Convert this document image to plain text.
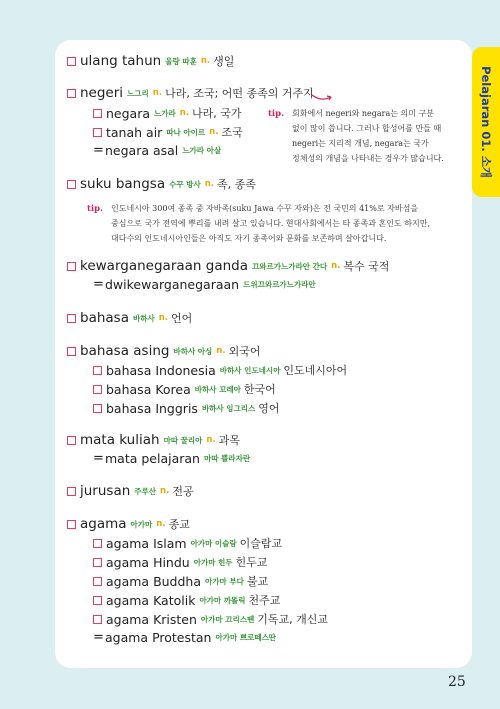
Pelajaran 01. 소개
ulang tahun 울랑 따훈 n. 생일
negeri 느그리 n. 나라, 조국; 어떤 종족의 거주지
negara 느가라 n. 나라, 국가
tanah air 따나 아이르 n. 조국
= negara asal 느가라 아살
tip. 회화에서 negeri와 negara는 의미 구분
없이 많이 씁니다. 그러나 합성어를 만들 때
negeri는 지리적 개념, negara는 국가
정체성의 개념을 나타내는 경우가 많습니다.
suku bangsa 수꾸 방사 n. 족, 종족
tip. 인도네시아 300여 종족 중 자바족(suku Jawa 수꾸 자와)은 전 국민의 41%로 자바섬을
중심으로 국가 전역에 뿌리를 내려 살고 있습니다. 현대사회에서는 타 종족과 혼인도 하지만,
대다수의 인도네시아인들은 아직도 자기 종족어와 문화를 보존하며 살아갑니다.
kewarganegaraan ganda 끄와르가느가라안 간다 n. 복수 국적
= dwikewarganegaraan 드위끄와르가느가라안
bahasa 바하사 n. 언어
bahasa asing 바하사 아싱 n. 외국어
bahasa Indonesia 바하사 인도네시아 인도네시아어
bahasa Korea 바하사 꼬레아 한국어
bahasa Inggris 바하사 잉그리스 영어
mata kuliah 마따 꿀리아 n. 과목
= mata pelajaran 마따 쁠라자란
jurusan 주루산 n. 전공
agama 아가마 n. 종교
agama Islam 아가마 이슬람 이슬람교
agama Hindu 아가마 힌두 힌두교
agama Buddha 아가마 부다 불교
agama Katolik 아가마 까똘릭 천주교
agama Kristen 아가마 끄리스뗀 기독교, 개신교
= agama Protestan 아가마 쁘로떼스딴
25
